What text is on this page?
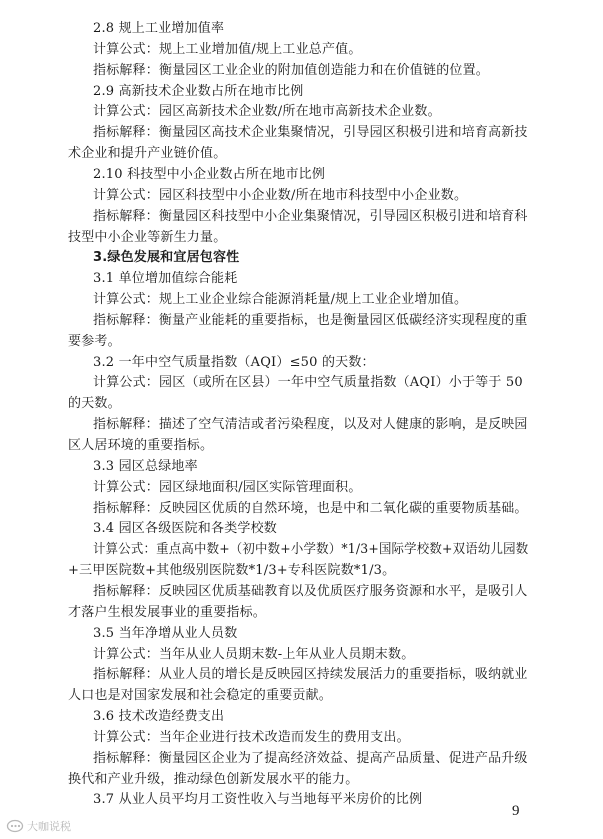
2.8 规上工业增加值率
计算公式：规上工业增加值/规上工业总产值。
指标解释：衡量园区工业企业的附加值创造能力和在价值链的位置。
2.9 高新技术企业数占所在地市比例
计算公式：园区高新技术企业数/所在地市高新技术企业数。
指标解释：衡量园区高技术企业集聚情况，引导园区积极引进和培育高新技
术企业和提升产业链价值。
2.10 科技型中小企业数占所在地市比例
计算公式：园区科技型中小企业数/所在地市科技型中小企业数。
指标解释：衡量园区科技型中小企业集聚情况，引导园区积极引进和培育科
技型中小企业等新生力量。
3.绿色发展和宜居包容性
3.1 单位增加值综合能耗
计算公式：规上工业企业综合能源消耗量/规上工业企业增加值。
指标解释：衡量产业能耗的重要指标，也是衡量园区低碳经济实现程度的重
要参考。
3.2 一年中空气质量指数（AQI）≤50 的天数：
计算公式：园区（或所在区县）一年中空气质量指数（AQI）小于等于 50
的天数。
指标解释：描述了空气清洁或者污染程度，以及对人健康的影响，是反映园
区人居环境的重要指标。
3.3 园区总绿地率
计算公式：园区绿地面积/园区实际管理面积。
指标解释：反映园区优质的自然环境，也是中和二氧化碳的重要物质基础。
3.4 园区各级医院和各类学校数
计算公式：重点高中数+（初中数+小学数）*1/3+国际学校数+双语幼儿园数
+三甲医院数+其他级别医院数*1/3+专科医院数*1/3。
指标解释：反映园区优质基础教育以及优质医疗服务资源和水平，是吸引人
才落户生根发展事业的重要指标。
3.5 当年净增从业人员数
计算公式：当年从业人员期末数-上年从业人员期末数。
指标解释：从业人员的增长是反映园区持续发展活力的重要指标，吸纳就业
人口也是对国家发展和社会稳定的重要贡献。
3.6 技术改造经费支出
计算公式：当年企业进行技术改造而发生的费用支出。
指标解释：衡量园区企业为了提高经济效益、提高产品质量、促进产品升级
换代和产业升级，推动绿色创新发展水平的能力。
3.7 从业人员平均月工资性收入与当地每平米房价的比例
9
大咖说税
